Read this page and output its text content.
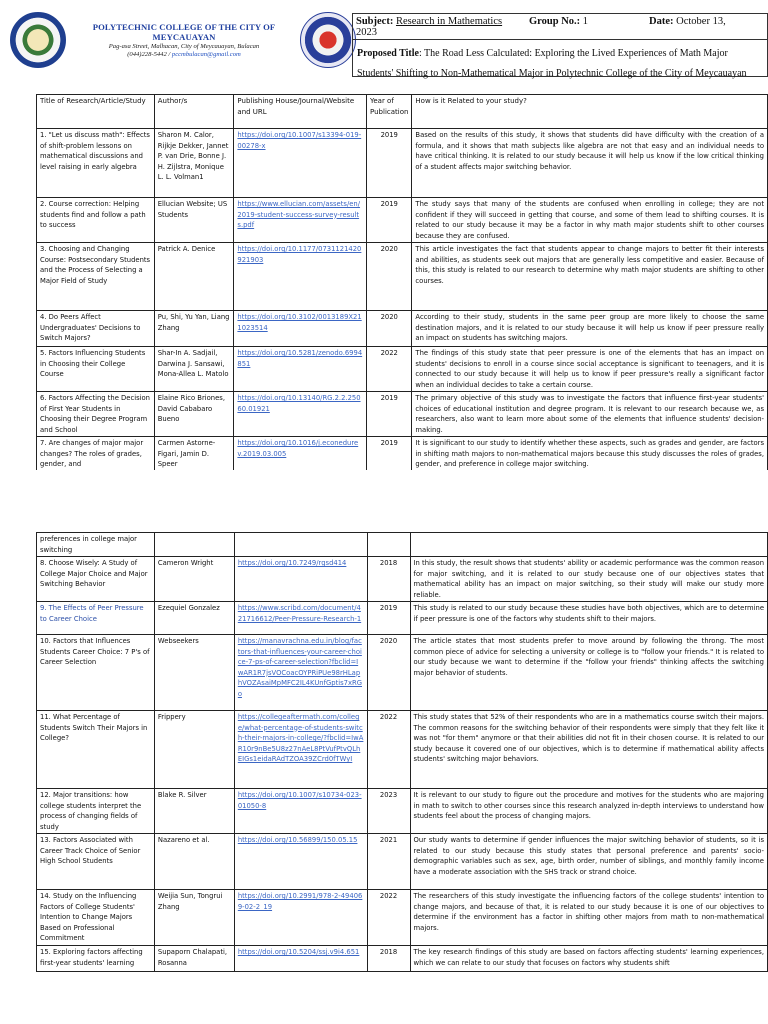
POLYTECHNIC COLLEGE OF THE CITY OF MEYCAUAYAN
Pag-asa Street, Malhacan, City of Meycauayan, Bulacan
(044)228-5442 / pccmbulacan@gmail.com
Subject: Research in Mathematics	Group No.: 1	Date: October 13,
2023
Proposed Title: The Road Less Calculated: Exploring the Lived Experiences of Math Major Students' Shifting to Non-Mathematical Major in Polytechnic College of the City of Meycauayan
Title of Research/Article/Study	Author/s	Publishing House/Journal/Website and URL	Year of Publication	How is it Related to your study?
1. "Let us discuss math": Effects of shift-problem lessons on mathematical discussions and level raising in early algebra	Sharon M. Calor, Rijkje Dekker, Jannet P. van Drie, Bonne J. H. Zijlstra, Monique L. L. Volman1	https://doi.org/10.1007/s13394-019-00278-x	2019	Based on the results of this study, it shows that students did have difficulty with the creation of a formula, and it shows that math subjects like algebra are not that easy and an individual needs to have critical thinking. It is related to our study because it will help us know if the low critical thinking of a student affects major switching behavior.
2. Course correction: Helping students find and follow a path to success	Ellucian Website; US Students	https://www.ellucian.com/assets/en/2019-student-success-survey-results.pdf	2019	The study says that many of the students are confused when enrolling in college; they are not confident if they will succeed in getting that course, and some of them lead to shifting courses. It is related to our study because it may be a factor in why math major students shift to other courses because they are confused.
3. Choosing and Changing Course: Postsecondary Students and the Process of Selecting a Major Field of Study	Patrick A. Denice	https://doi.org/10.1177/0731121420921903	2020	This article investigates the fact that students appear to change majors to better fit their interests and abilities, as students seek out majors that are generally less competitive and easier. Because of this, this study is related to our research to determine why math major students are shifting to other courses.
4. Do Peers Affect Undergraduates' Decisions to Switch Majors?	Pu, Shi, Yu Yan, Liang Zhang	https://doi.org/10.3102/0013189X211023514	2020	According to their study, students in the same peer group are more likely to choose the same destination majors, and it is related to our study because it will help us know if peer pressure really an impact on students has switching majors.
5. Factors Influencing Students in Choosing their College Course	Shar-In A. Sadjail, Darwina J. Sansawi, Mona-Allea L. Matolo	https://doi.org/10.5281/zenodo.6994851	2022	The findings of this study state that peer pressure is one of the elements that has an impact on students' decisions to enroll in a course since social acceptance is significant to teenagers, and it is connected to our study because it will help us to know if peer pressure's really a significant factor when an individual decides to take a certain course.
6. Factors Affecting the Decision of First Year Students in Choosing their Degree Program and School	Elaine Rico Briones, David Cababaro Bueno	https://doi.org/10.13140/RG.2.2.25060.01921	2019	The primary objective of this study was to investigate the factors that influence first-year students' choices of educational institution and degree program. It is relevant to our research because we, as researchers, also want to learn more about some of the elements that influence students' decision-making.
7. Are changes of major major changes? The roles of grades, gender, and	Carmen Astorne-Figari, Jamin D. Speer	https://doi.org/10.1016/j.econedurev.2019.03.005	2019	It is significant to our study to identify whether these aspects, such as grades and gender, are factors in shifting math majors to non-mathematical majors because this study discusses the roles of grades, gender, and preference in college major switching.
preferences in college major switching				
8. Choose Wisely: A Study of College Major Choice and Major Switching Behavior	Cameron Wright	https://doi.org/10.7249/rgsd414	2018	In this study, the result shows that students' ability or academic performance was the common reason for major switching, and it is related to our study because one of our objectives states that mathematical ability has an impact on major switching, so their study will make our study more reliable.
9. The Effects of Peer Pressure to Career Choice	Ezequiel Gonzalez	https://www.scribd.com/document/421716612/Peer-Pressure-Research-1	2019	This study is related to our study because these studies have both objectives, which are to determine if peer pressure is one of the factors why students shift to their majors.
10. Factors that Influences Students Career Choice: 7 P's of Career Selection	Webseekers	https://manavrachna.edu.in/blog/factors-that-influences-your-career-choice-7-ps-of-career-selection?fbclid=IwAR1R7jsVOCoacOYPRiPUe98rHLaphVOZAsaiMpMFC2IL4KUnfGptis7xRGo	2020	The article states that most students prefer to move around by following the throng. The most common piece of advice for selecting a university or college is to "follow your friends." It is related to our study because we want to determine if the "follow your friends" thinking affects the switching major behavior of students.
11. What Percentage of Students Switch Their Majors in College?	Frippery	https://collegeaftermath.com/college/what-percentage-of-students-switch-their-majors-in-college/?fbclid=IwAR10r9nBe5U8z27nAeL8PtVufPtvQLhEIGs1eidaRAdTZOA39ZCrd0fTWyI	2022	This study states that 52% of their respondents who are in a mathematics course switch their majors. The common reasons for the switching behavior of their respondents were simply that they felt like it was not "for them" anymore or that their abilities did not fit in their chosen course. It is related to our study because it covered one of our objectives, which is to determine if mathematical ability affects students' switching major behaviors.
12. Major transitions: how college students interpret the process of changing fields of study	Blake R. Silver	https://doi.org/10.1007/s10734-023-01050-8	2023	It is relevant to our study to figure out the procedure and motives for the students who are majoring in math to switch to other courses since this research analyzed in-depth interviews to understand how students feel about the process of changing majors.
13. Factors Associated with Career Track Choice of Senior High School Students	Nazareno et al.	https://doi.org/10.56899/150.05.15	2021	Our study wants to determine if gender influences the major switching behavior of students, so it is related to our study because this study states that personal preference and parents' socio-demographic variables such as sex, age, birth order, number of siblings, and monthly family income have a moderate association with the SHS track or strand choice.
14. Study on the Influencing Factors of College Students' Intention to Change Majors Based on Professional Commitment	Weijia Sun, Tongrui Zhang	https://doi.org/10.2991/978-2-494069-02-2_19	2022	The researchers of this study investigate the influencing factors of the college students' intention to change majors, and because of that, it is related to our study because it is one of our objectives to determine if the environment has a factor in shifting other majors from math to non-mathematical majors.
15. Exploring factors affecting first-year students' learning	Supaporn Chalapati, Rosanna	https://doi.org/10.5204/ssj.v9i4.651	2018	The key research findings of this study are based on factors affecting students' learning experiences, which we can relate to our study that focuses on factors why students shift
